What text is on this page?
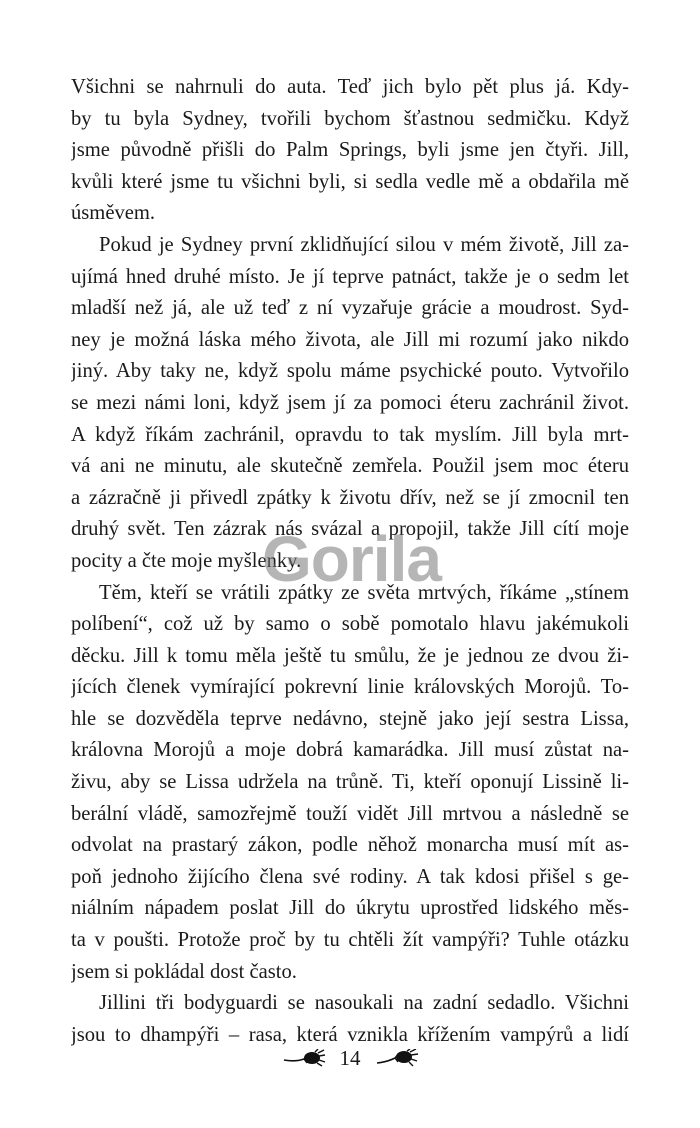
Všichni se nahrnuli do auta. Teď jich bylo pět plus já. Kdy-
by tu byla Sydney, tvořili bychom šťastnou sedmičku. Když
jsme původně přišli do Palm Springs, byli jsme jen čtyři. Jill,
kvůli které jsme tu všichni byli, si sedla vedle mě a obdařila mě
úsměvem.
Pokud je Sydney první zklidňující silou v mém životě, Jill za-
ujímá hned druhé místo. Je jí teprve patnáct, takže je o sedm let
mladší než já, ale už teď z ní vyzařuje grácie a moudrost. Syd-
ney je možná láska mého života, ale Jill mi rozumí jako nikdo
jiný. Aby taky ne, když spolu máme psychické pouto. Vytvořilo
se mezi námi loni, když jsem jí za pomoci éteru zachránil život.
A když říkám zachránil, opravdu to tak myslím. Jill byla mrt-
vá ani ne minutu, ale skutečně zemřela. Použil jsem moc éteru
a zázračně ji přivedl zpátky k životu dřív, než se jí zmocnil ten
druhý svět. Ten zázrak nás svázal a propojil, takže Jill cítí moje
pocity a čte moje myšlenky.
Těm, kteří se vrátili zpátky ze světa mrtvých, říkáme „stínem
políbení“, což už by samo o sobě pomotalo hlavu jakémukoli
děcku. Jill k tomu měla ještě tu smůlu, že je jednou ze dvou ži-
jících členek vymírající pokrevní linie královských Morojů. To-
hle se dozvěděla teprve nedávno, stejně jako její sestra Lissa,
královna Morojů a moje dobrá kamarádka. Jill musí zůstat na-
živu, aby se Lissa udržela na trůně. Ti, kteří oponují Lissině li-
berální vládě, samozřejmě touží vidět Jill mrtvou a následně se
odvolat na prastarý zákon, podle něhož monarcha musí mít as-
poň jednoho žijícího člena své rodiny. A tak kdosi přišel s ge-
niálním nápadem poslat Jill do úkrytu uprostřed lidského měs-
ta v poušti. Protože proč by tu chtěli žít vampýři? Tuhle otázku
jsem si pokládal dost často.
Jillini tři bodyguardi se nasoukali na zadní sedadlo. Všichni
jsou to dhampýři – rasa, která vznikla křížením vampýrů a lidí
Gorila
14
